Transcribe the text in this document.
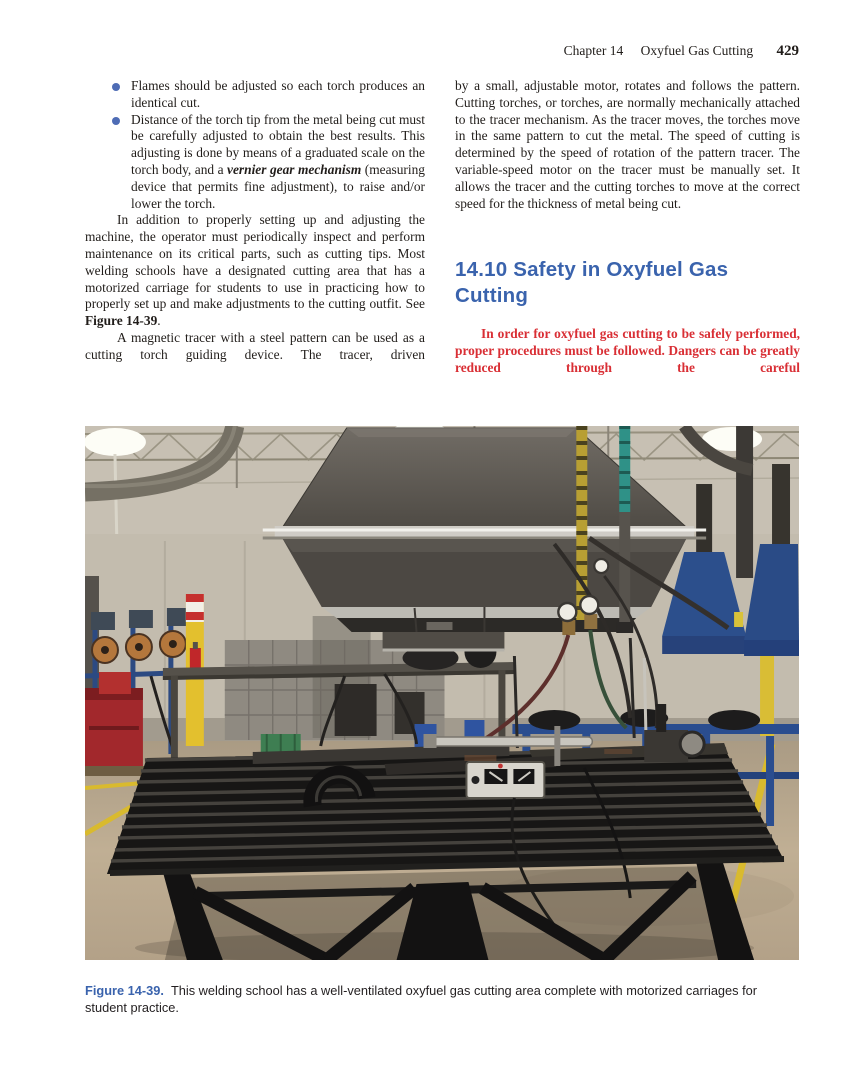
Chapter 14 Oxyfuel Gas Cutting 429
Flames should be adjusted so each torch produces an identical cut.
Distance of the torch tip from the metal being cut must be carefully adjusted to obtain the best results. This adjusting is done by means of a graduated scale on the torch body, and a vernier gear mechanism (measuring device that permits fine adjustment), to raise and/or lower the torch.

In addition to properly setting up and adjusting the machine, the operator must periodically inspect and perform maintenance on its critical parts, such as cutting tips. Most welding schools have a designated cutting area that has a motorized carriage for students to use in practicing how to properly set up and make adjustments to the cutting outfit. See Figure 14-39.

A magnetic tracer with a steel pattern can be used as a cutting torch guiding device. The tracer, driven

by a small, adjustable motor, rotates and follows the pattern. Cutting torches, or torches, are normally mechanically attached to the tracer mechanism. As the tracer moves, the torches move in the same pattern to cut the metal. The speed of cutting is determined by the speed of rotation of the pattern tracer. The variable-speed motor on the tracer must be manually set. It allows the tracer and the cutting torches to move at the correct speed for the thickness of metal being cut.

14.10 Safety in Oxyfuel Gas Cutting

In order for oxyfuel gas cutting to be safely performed, proper procedures must be followed. Dangers can be greatly reduced through the careful

Figure 14-39. This welding school has a well-ventilated oxyfuel gas cutting area complete with motorized carriages for student practice.
